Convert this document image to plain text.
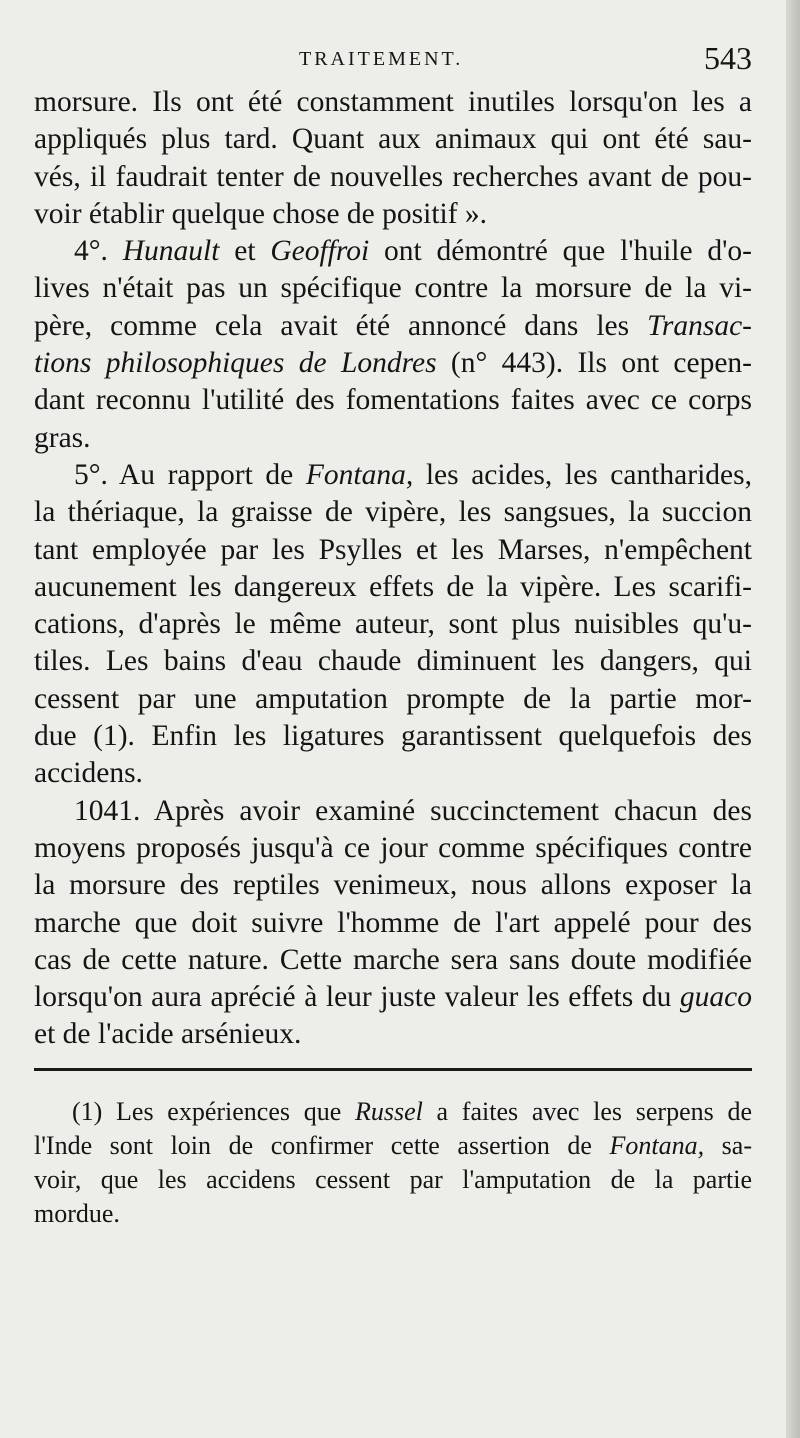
TRAITEMENT.	543
morsure. Ils ont été constamment inutiles lorsqu'on les a
appliqués plus tard. Quant aux animaux qui ont été sau-
vés, il faudrait tenter de nouvelles recherches avant de pou-
voir établir quelque chose de positif ».
4°. Hunault et Geoffroi ont démontré que l'huile d'o-
lives n'était pas un spécifique contre la morsure de la vi-
père, comme cela avait été annoncé dans les Transac-
tions philosophiques de Londres (n° 443). Ils ont cepen-
dant reconnu l'utilité des fomentations faites avec ce corps
gras.
5°. Au rapport de Fontana, les acides, les cantharides,
la thériaque, la graisse de vipère, les sangsues, la succion
tant employée par les Psylles et les Marses, n'empêchent
aucunement les dangereux effets de la vipère. Les scarifi-
cations, d'après le même auteur, sont plus nuisibles qu'u-
tiles. Les bains d'eau chaude diminuent les dangers, qui
cessent par une amputation prompte de la partie mor-
due (1). Enfin les ligatures garantissent quelquefois des
accidens.
1041. Après avoir examiné succinctement chacun des
moyens proposés jusqu'à ce jour comme spécifiques contre
la morsure des reptiles venimeux, nous allons exposer la
marche que doit suivre l'homme de l'art appelé pour des
cas de cette nature. Cette marche sera sans doute modifiée
lorsqu'on aura aprécié à leur juste valeur les effets du guaco
et de l'acide arsénieux.
(1) Les expériences que Russel a faites avec les serpens de
l'Inde sont loin de confirmer cette assertion de Fontana, sa-
voir, que les accidens cessent par l'amputation de la partie
mordue.
